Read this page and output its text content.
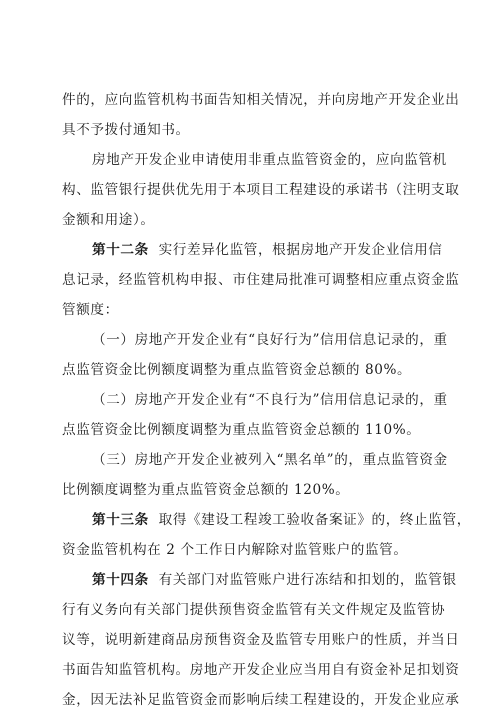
件的，应向监管机构书面告知相关情况，并向房地产开发企业出
具不予拨付通知书。
房地产开发企业申请使用非重点监管资金的，应向监管机
构、监管银行提供优先用于本项目工程建设的承诺书（注明支取
金额和用途）。
第十二条 实行差异化监管，根据房地产开发企业信用信
息记录，经监管机构申报、市住建局批准可调整相应重点资金监
管额度：
（一）房地产开发企业有“良好行为”信用信息记录的，重
点监管资金比例额度调整为重点监管资金总额的 80%。
（二）房地产开发企业有“不良行为”信用信息记录的，重
点监管资金比例额度调整为重点监管资金总额的 110%。
（三）房地产开发企业被列入“黑名单”的，重点监管资金
比例额度调整为重点监管资金总额的 120%。
第十三条 取得《建设工程竣工验收备案证》的，终止监管，
资金监管机构在 2 个工作日内解除对监管账户的监管。
第十四条 有关部门对监管账户进行冻结和扣划的，监管银
行有义务向有关部门提供预售资金监管有关文件规定及监管协
议等，说明新建商品房预售资金及监管专用账户的性质，并当日
书面告知监管机构。房地产开发企业应当用自有资金补足扣划资
金，因无法补足监管资金而影响后续工程建设的，开发企业应承
